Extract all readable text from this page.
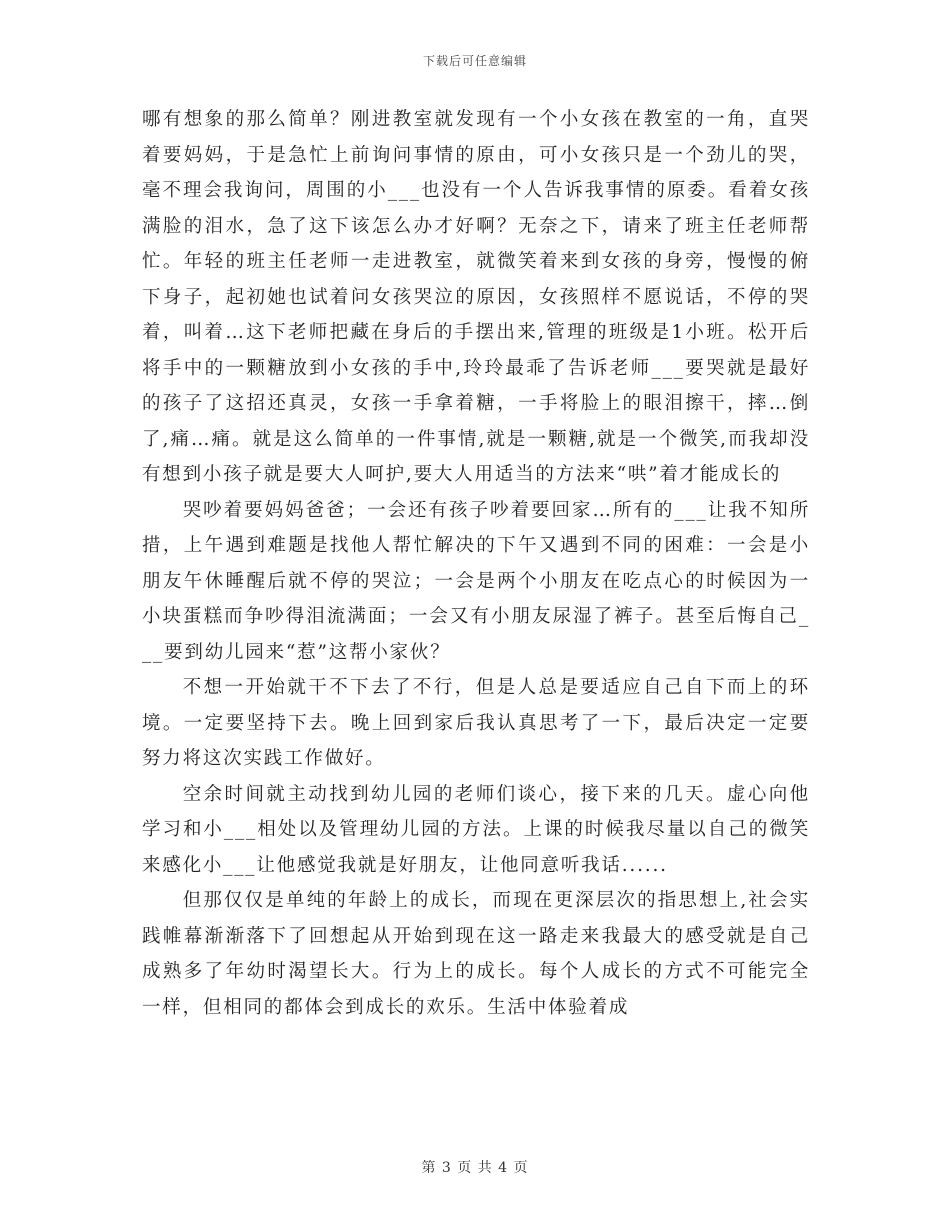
下载后可任意编辑

哪有想象的那么简单？刚进教室就发现有一个小女孩在教室的一角，直哭着要妈妈，于是急忙上前询问事情的原由，可小女孩只是一个劲儿的哭，毫不理会我询问，周围的小___也没有一个人告诉我事情的原委。看着女孩满脸的泪水，急了这下该怎么办才好啊？无奈之下，请来了班主任老师帮忙。年轻的班主任老师一走进教室，就微笑着来到女孩的身旁，慢慢的俯下身子，起初她也试着问女孩哭泣的原因，女孩照样不愿说话，不停的哭着，叫着…这下老师把藏在身后的手摆出来,管理的班级是1小班。松开后将手中的一颗糖放到小女孩的手中,玲玲最乖了告诉老师___要哭就是最好的孩子了这招还真灵，女孩一手拿着糖，一手将脸上的眼泪擦干，摔…倒了,痛…痛。就是这么简单的一件事情,就是一颗糖,就是一个微笑,而我却没有想到小孩子就是要大人呵护,要大人用适当的方法来“哄”着才能成长的

哭吵着要妈妈爸爸；一会还有孩子吵着要回家…所有的___让我不知所措，上午遇到难题是找他人帮忙解决的下午又遇到不同的困难：一会是小朋友午休睡醒后就不停的哭泣；一会是两个小朋友在吃点心的时候因为一小块蛋糕而争吵得泪流满面；一会又有小朋友尿湿了裤子。甚至后悔自己___要到幼儿园来“惹”这帮小家伙？

不想一开始就干不下去了不行，但是人总是要适应自己自下而上的环境。一定要坚持下去。晚上回到家后我认真思考了一下，最后决定一定要努力将这次实践工作做好。

空余时间就主动找到幼儿园的老师们谈心，接下来的几天。虚心向他学习和小___相处以及管理幼儿园的方法。上课的时候我尽量以自己的微笑来感化小___让他感觉我就是好朋友，让他同意听我话......

但那仅仅是单纯的年龄上的成长，而现在更深层次的指思想上,社会实践帷幕渐渐落下了回想起从开始到现在这一路走来我最大的感受就是自己成熟多了年幼时渴望长大。行为上的成长。每个人成长的方式不可能完全一样，但相同的都体会到成长的欢乐。生活中体验着成

第 3 页 共 4 页
